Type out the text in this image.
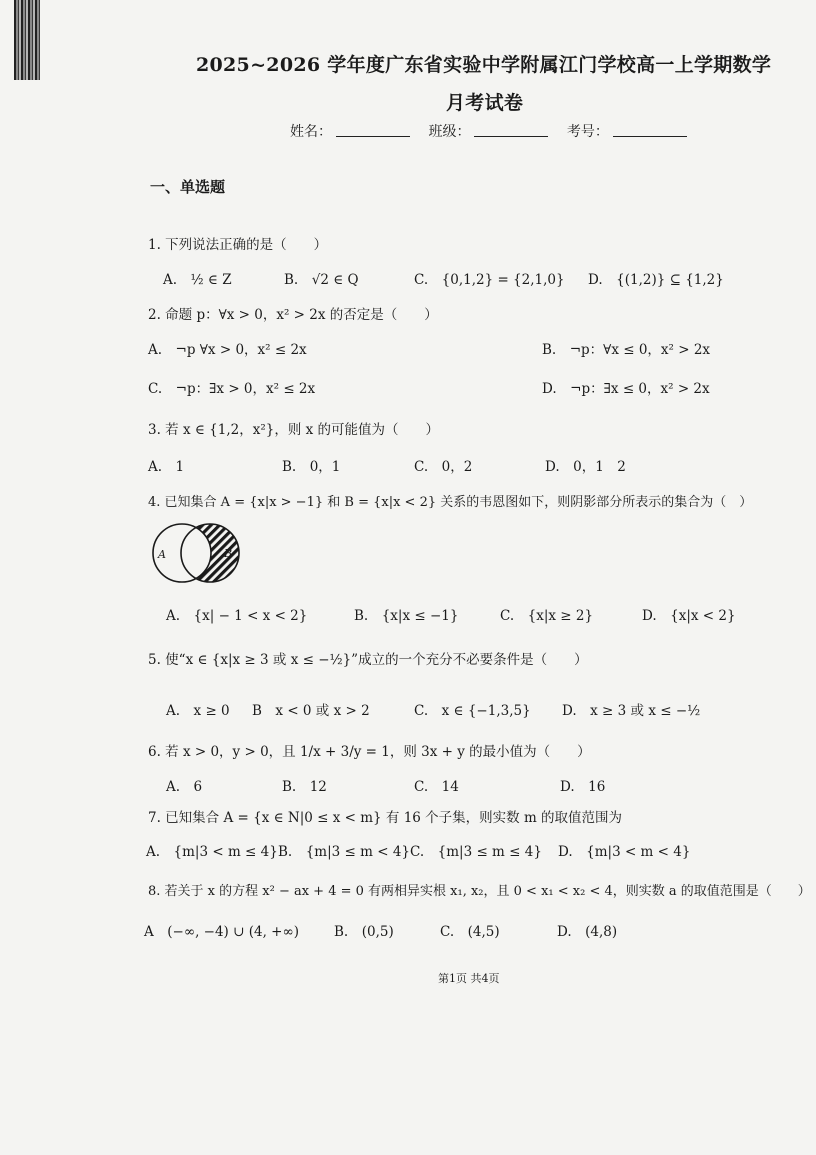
2025~2026 学年度广东省实验中学附属江门学校高一上学期数学
月考试卷
姓名：	班级：	考号：
一、单选题
1. 下列说法正确的是（　　）
A.　½ ∈ Z	B.　√2 ∈ Q	C.　{0,1,2} = {2,1,0} D.　{(1,2)} ⊆ {1,2}
2. 命题 p：∀x > 0，x² > 2x 的否定是（　　）
A.　¬p ∀x > 0，x² ≤ 2x	B.　¬p：∀x ≤ 0，x² > 2x
C.　¬p：∃x > 0，x² ≤ 2x	D.　¬p：∃x ≤ 0，x² > 2x
3. 若 x ∈ {1,2，x²}，则 x 的可能值为（　　）
A.　1	B.　0，1	C.　0，2	D.　0，1　2
4. 已知集合 A = {x|x > −1} 和 B = {x|x < 2} 关系的韦恩图如下，则阴影部分所表示的集合为（　）
A	B
A.　{x| − 1 < x < 2}	B.　{x|x ≤ −1}	C.　{x|x ≥ 2}	D.　{x|x < 2}
5. 使“x ∈ {x|x ≥ 3 或 x ≤ −½}”成立的一个充分不必要条件是（　　）
A.　x ≥ 0 B　x < 0 或 x > 2	C.　x ∈ {−1,3,5} D.　x ≥ 3 或 x ≤ −½
6. 若 x > 0，y > 0，且 1/x + 3/y = 1，则 3x + y 的最小值为（　　）
A.　6	B.　12	C.　14	D.　16
7. 已知集合 A = {x ∈ N|0 ≤ x < m} 有 16 个子集，则实数 m 的取值范围为
A.　{m|3 < m ≤ 4} B.　{m|3 ≤ m < 4} C.　{m|3 ≤ m ≤ 4} D.　{m|3 < m < 4}
8. 若关于 x 的方程 x² − ax + 4 = 0 有两相异实根 x₁, x₂，且 0 < x₁ < x₂ < 4，则实数 a 的取值范围是（　　）
A　(−∞, −4) ∪ (4, +∞)	B.　(0,5)	C.　(4,5)	D.　(4,8)
第1页 共4页
